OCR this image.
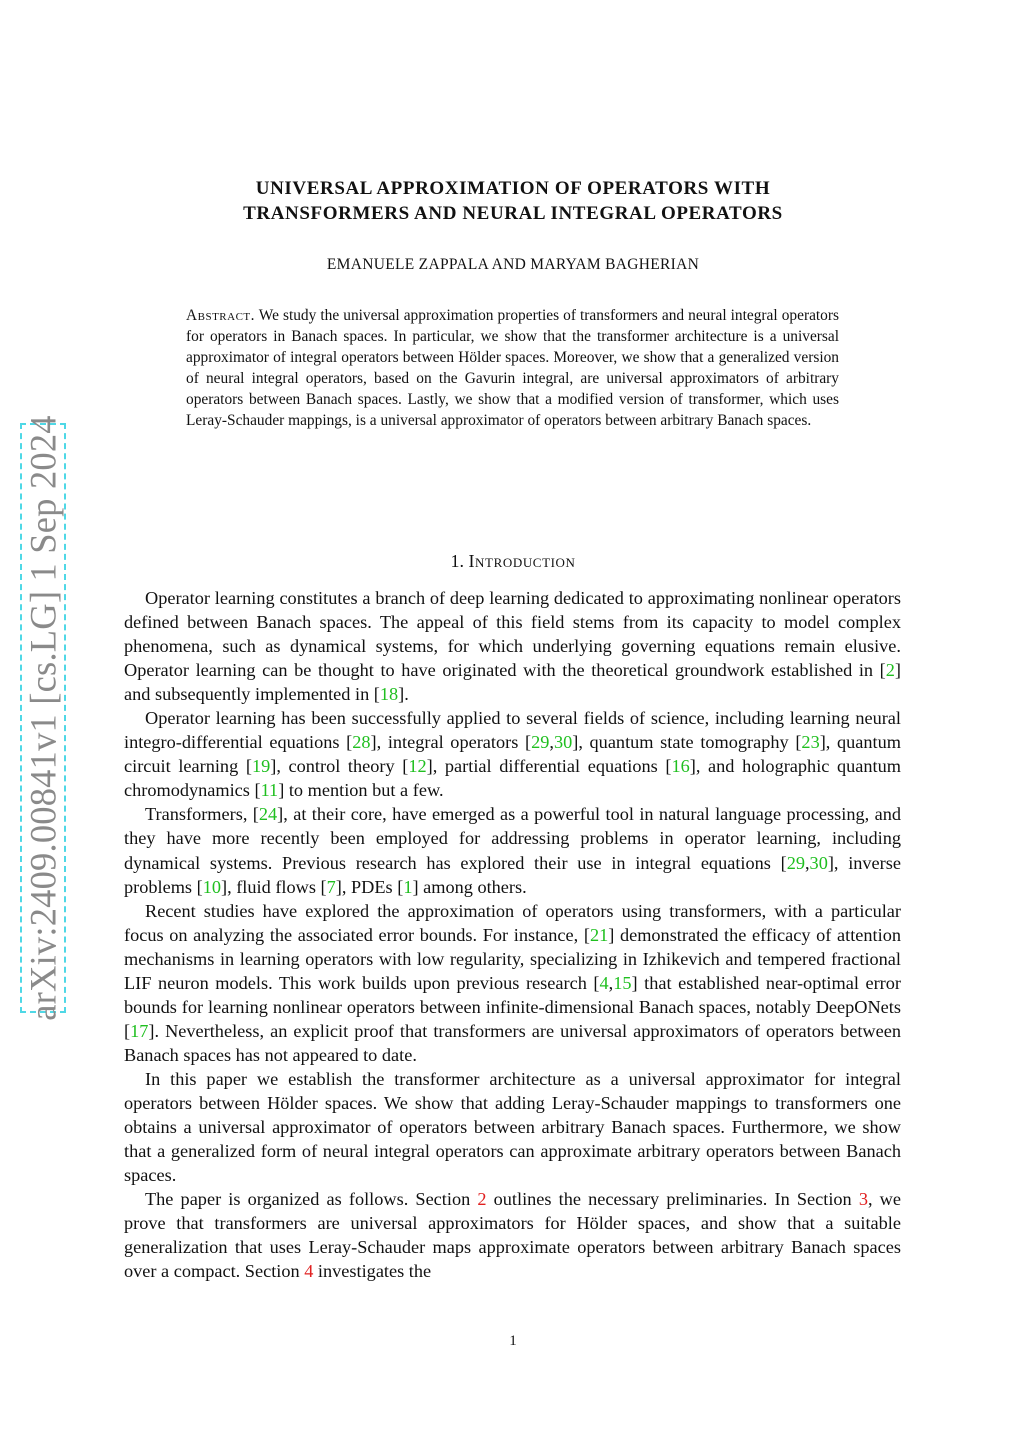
arXiv:2409.00841v1 [cs.LG] 1 Sep 2024
UNIVERSAL APPROXIMATION OF OPERATORS WITH
TRANSFORMERS AND NEURAL INTEGRAL OPERATORS
EMANUELE ZAPPALA AND MARYAM BAGHERIAN
Abstract. We study the universal approximation properties of transformers and neural integral operators for operators in Banach spaces. In particular, we show that the transformer architecture is a universal approximator of integral operators between Hölder spaces. Moreover, we show that a generalized version of neural integral operators, based on the Gavurin integral, are universal approximators of arbitrary operators between Banach spaces. Lastly, we show that a modified version of transformer, which uses Leray-Schauder mappings, is a universal approximator of operators between arbitrary Banach spaces.
1. Introduction

Operator learning constitutes a branch of deep learning dedicated to approximating nonlinear operators defined between Banach spaces. The appeal of this field stems from its capacity to model complex phenomena, such as dynamical systems, for which underlying governing equations remain elusive. Operator learning can be thought to have originated with the theoretical groundwork established in [2] and subsequently implemented in [18].

Operator learning has been successfully applied to several fields of science, including learning neural integro-differential equations [28], integral operators [29,30], quantum state tomography [23], quantum circuit learning [19], control theory [12], partial differential equations [16], and holographic quantum chromodynamics [11] to mention but a few.

Transformers, [24], at their core, have emerged as a powerful tool in natural language processing, and they have more recently been employed for addressing problems in operator learning, including dynamical systems. Previous research has explored their use in integral equations [29,30], inverse problems [10], fluid flows [7], PDEs [1] among others.

Recent studies have explored the approximation of operators using transformers, with a particular focus on analyzing the associated error bounds. For instance, [21] demonstrated the efficacy of attention mechanisms in learning operators with low regularity, specializing in Izhikevich and tempered fractional LIF neuron models. This work builds upon previous research [4,15] that established near-optimal error bounds for learning nonlinear operators between infinite-dimensional Banach spaces, notably DeepONets [17]. Nevertheless, an explicit proof that transformers are universal approximators of operators between Banach spaces has not appeared to date.

In this paper we establish the transformer architecture as a universal approximator for integral operators between Hölder spaces. We show that adding Leray-Schauder mappings to transformers one obtains a universal approximator of operators between arbitrary Banach spaces. Furthermore, we show that a generalized form of neural integral operators can approximate arbitrary operators between Banach spaces.

The paper is organized as follows. Section 2 outlines the necessary preliminaries. In Section 3, we prove that transformers are universal approximators for Hölder spaces, and show that a suitable generalization that uses Leray-Schauder maps approximate operators between arbitrary Banach spaces over a compact. Section 4 investigates the

1
